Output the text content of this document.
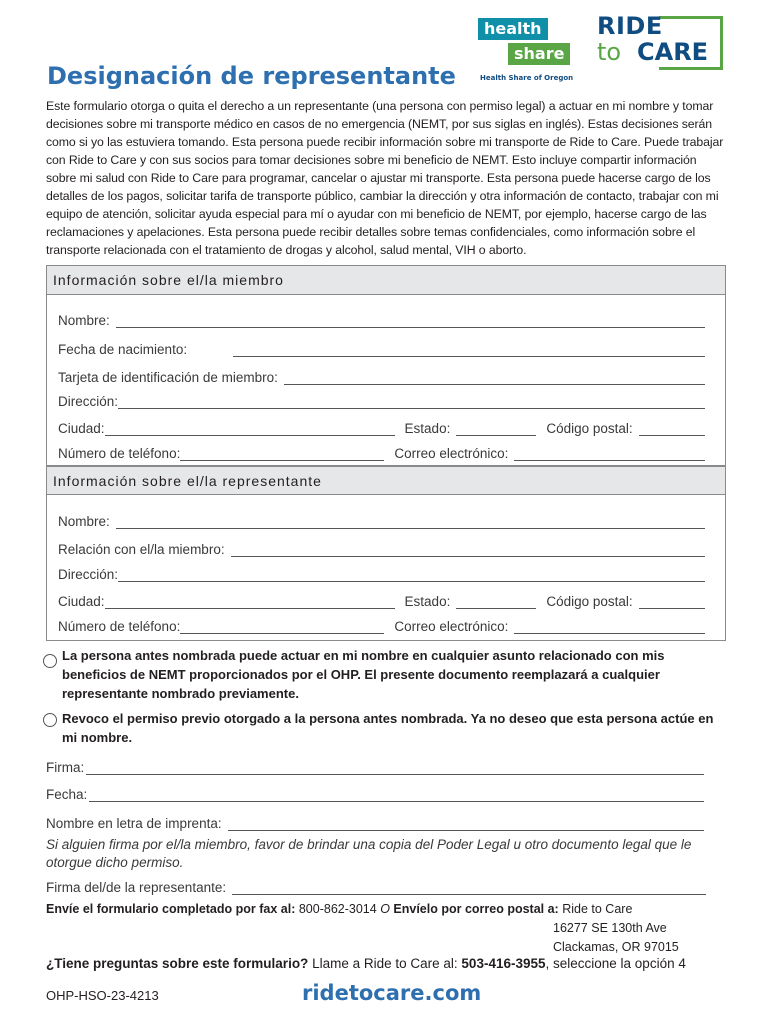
health
share
Health Share of Oregon
RIDE
to CARE
Designación de representante
Este formulario otorga o quita el derecho a un representante (una persona con permiso legal) a actuar en mi nombre y tomar decisiones sobre mi transporte médico en casos de no emergencia (NEMT, por sus siglas en inglés). Estas decisiones serán como si yo las estuviera tomando. Esta persona puede recibir información sobre mi transporte de Ride to Care. Puede trabajar con Ride to Care y con sus socios para tomar decisiones sobre mi beneficio de NEMT. Esto incluye compartir información sobre mi salud con Ride to Care para programar, cancelar o ajustar mi transporte. Esta persona puede hacerse cargo de los detalles de los pagos, solicitar tarifa de transporte público, cambiar la dirección y otra información de contacto, trabajar con mi equipo de atención, solicitar ayuda especial para mí o ayudar con mi beneficio de NEMT, por ejemplo, hacerse cargo de las reclamaciones y apelaciones. Esta persona puede recibir detalles sobre temas confidenciales, como información sobre el transporte relacionada con el tratamiento de drogas y alcohol, salud mental, VIH o aborto.
Información sobre el/la miembro
Nombre:
Fecha de nacimiento:
Tarjeta de identificación de miembro:
Dirección:
Ciudad:	Estado:	Código postal:
Número de teléfono:	Correo electrónico:
Información sobre el/la representante
Nombre:
Relación con el/la miembro:
Dirección:
Ciudad:	Estado:	Código postal:
Número de teléfono:	Correo electrónico:
La persona antes nombrada puede actuar en mi nombre en cualquier asunto relacionado con mis beneficios de NEMT proporcionados por el OHP. El presente documento reemplazará a cualquier representante nombrado previamente.
Revoco el permiso previo otorgado a la persona antes nombrada. Ya no deseo que esta persona actúe en mi nombre.
Firma:
Fecha:
Nombre en letra de imprenta:
Si alguien firma por el/la miembro, favor de brindar una copia del Poder Legal u otro documento legal que le otorgue dicho permiso.
Firma del/de la representante:
Envíe el formulario completado por fax al: 800-862-3014 O Envíelo por correo postal a: Ride to Care
16277 SE 130th Ave
Clackamas, OR 97015
¿Tiene preguntas sobre este formulario? Llame a Ride to Care al: 503-416-3955, seleccione la opción 4
OHP-HSO-23-4213	ridetocare.com
